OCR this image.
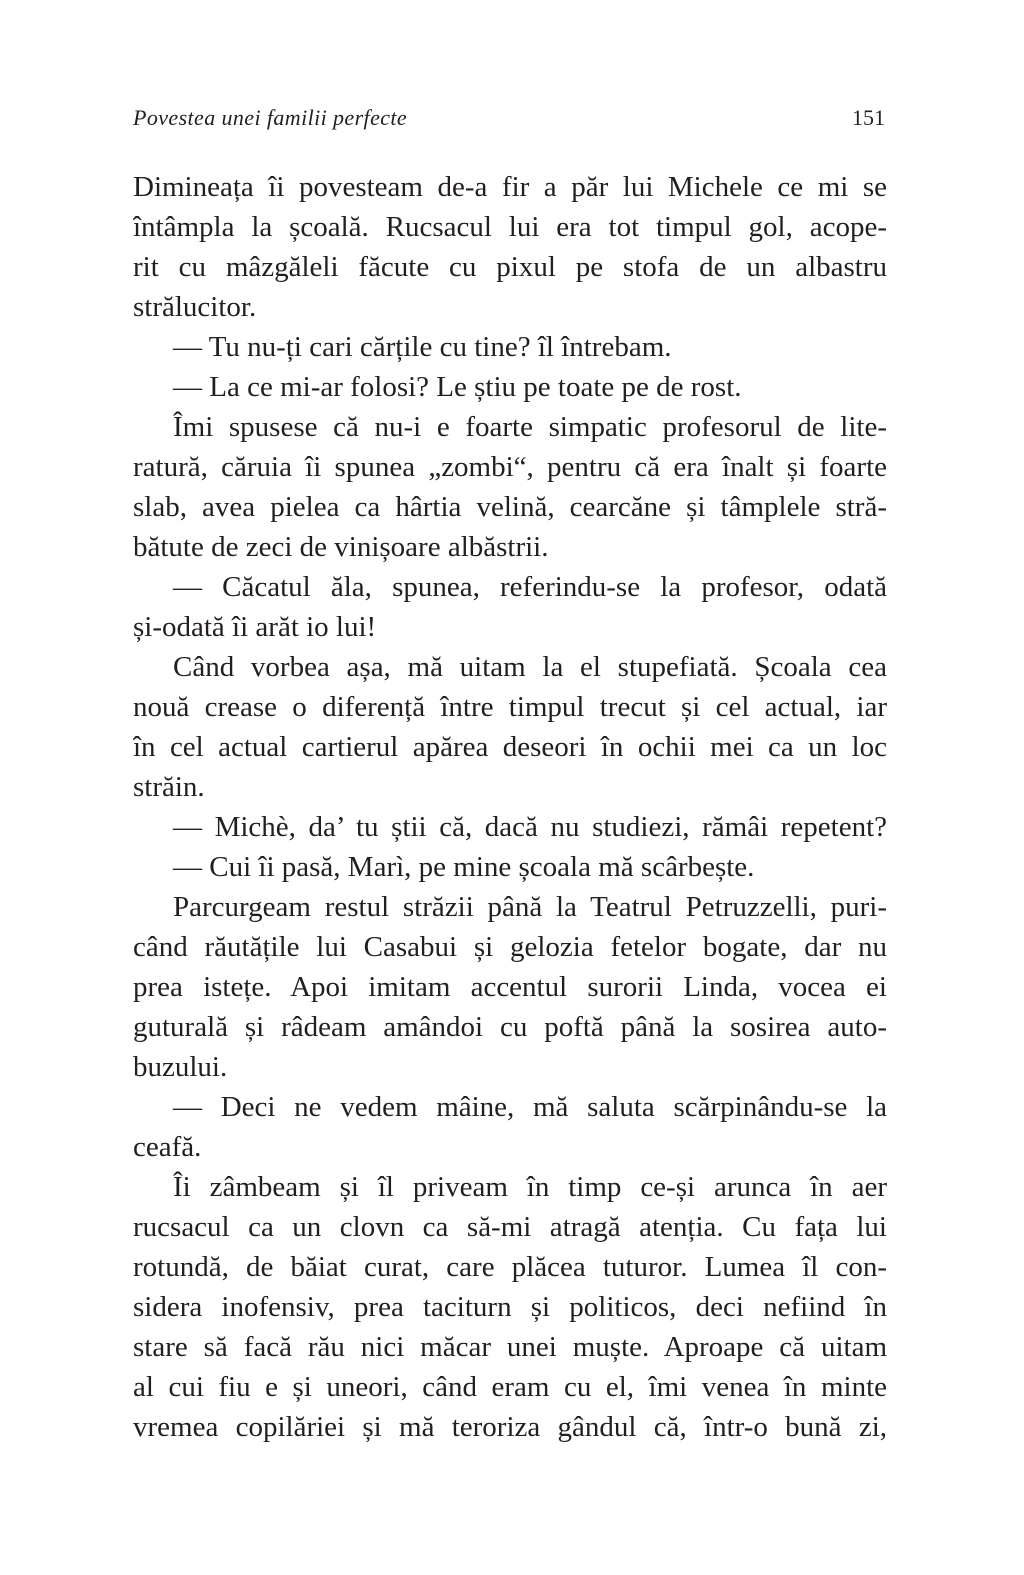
Povestea unei familii perfecte	151
Dimineața îi povesteam de-a fir a păr lui Michele ce mi se
întâmpla la școală. Rucsacul lui era tot timpul gol, acope-
rit cu mâzgăleli făcute cu pixul pe stofa de un albastru
strălucitor.
— Tu nu-ți cari cărțile cu tine? îl întrebam.
— La ce mi-ar folosi? Le știu pe toate pe de rost.
Îmi spusese că nu-i e foarte simpatic profesorul de lite-
ratură, căruia îi spunea „zombi“, pentru că era înalt și foarte
slab, avea pielea ca hârtia velină, cearcăne și tâmplele stră-
bătute de zeci de vinișoare albăstrii.
— Căcatul ăla, spunea, referindu-se la profesor, odată
și-odată îi arăt io lui!
Când vorbea așa, mă uitam la el stupefiată. Școala cea
nouă crease o diferență între timpul trecut și cel actual, iar
în cel actual cartierul apărea deseori în ochii mei ca un loc
străin.
— Michè, da’ tu știi că, dacă nu studiezi, rămâi repetent?
— Cui îi pasă, Marì, pe mine școala mă scârbește.
Parcurgeam restul străzii până la Teatrul Petruzzelli, puri-
când răutățile lui Casabui și gelozia fetelor bogate, dar nu
prea istețe. Apoi imitam accentul surorii Linda, vocea ei
guturală și râdeam amândoi cu poftă până la sosirea auto-
buzului.
— Deci ne vedem mâine, mă saluta scărpinându-se la
ceafă.
Îi zâmbeam și îl priveam în timp ce-și arunca în aer
rucsacul ca un clovn ca să-mi atragă atenția. Cu fața lui
rotundă, de băiat curat, care plăcea tuturor. Lumea îl con-
sidera inofensiv, prea taciturn și politicos, deci nefiind în
stare să facă rău nici măcar unei muște. Aproape că uitam
al cui fiu e și uneori, când eram cu el, îmi venea în minte
vremea copilăriei și mă teroriza gândul că, într-o bună zi,
